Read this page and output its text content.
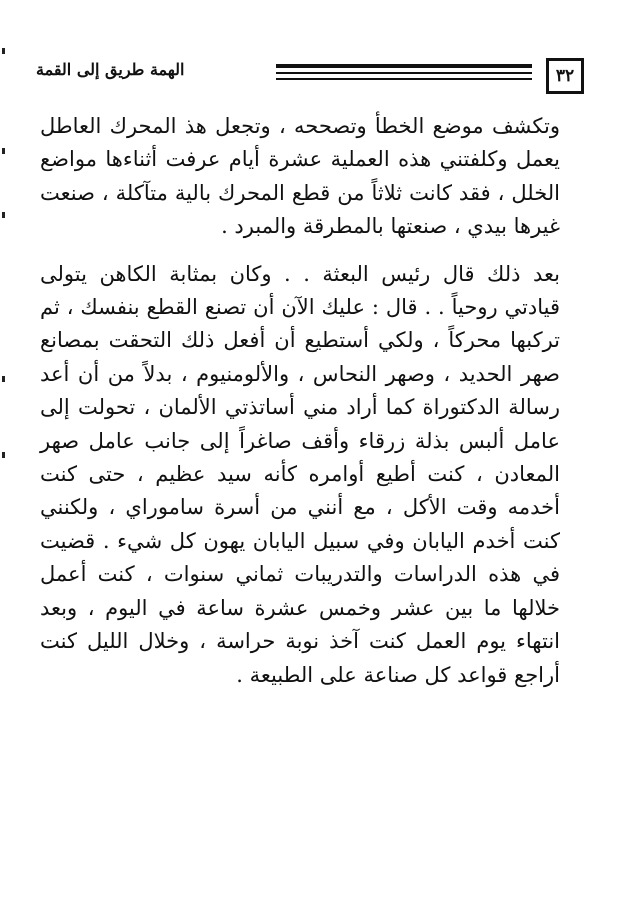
٣٢
الهمة طريق إلى القمة

وتكشف موضع الخطأ وتصححه ، وتجعل هذ المحرك العاطل يعمل وكلفتني هذه العملية عشرة أيام عرفت أثناءها مواضع الخلل ، فقد كانت ثلاثاً من قطع المحرك بالية متآكلة ، صنعت غيرها بيدي ، صنعتها بالمطرقة والمبرد .

بعد ذلك قال رئيس البعثة . . وكان بمثابة الكاهن يتولى قيادتي روحياً . . قال : عليك الآن أن تصنع القطع بنفسك ، ثم تركبها محركاً ، ولكي أستطيع أن أفعل ذلك التحقت بمصانع صهر الحديد ، وصهر النحاس ، والألومنيوم ، بدلاً من أن أعد رسالة الدكتوراة كما أراد مني أساتذتي الألمان ، تحولت إلى عامل ألبس بذلة زرقاء وأقف صاغراً إلى جانب عامل صهر المعادن ، كنت أطيع أوامره كأنه سيد عظيم ، حتى كنت أخدمه وقت الأكل ، مع أنني من أسرة ساموراي ، ولكنني كنت أخدم اليابان وفي سبيل اليابان يهون كل شيء . قضيت في هذه الدراسات والتدريبات ثماني سنوات ، كنت أعمل خلالها ما بين عشر وخمس عشرة ساعة في اليوم ، وبعد انتهاء يوم العمل كنت آخذ نوبة حراسة ، وخلال الليل كنت أراجع قواعد كل صناعة على الطبيعة .
